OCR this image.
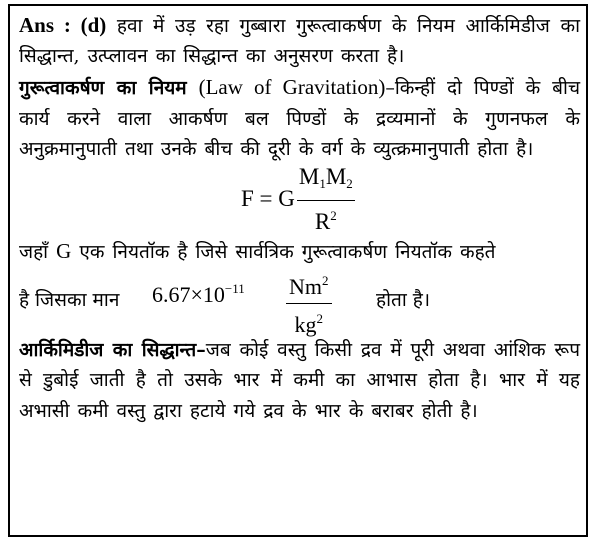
Ans : (d) हवा में उड़ रहा गुब्बारा गुरूत्वाकर्षण के नियम आर्किमिडीज का सिद्धान्त, उत्प्लावन का सिद्धान्त का अनुसरण करता है।

गुरूत्वाकर्षण का नियम (Law of Gravitation)–किन्हीं दो पिण्डों के बीच कार्य करने वाला आकर्षण बल पिण्डों के द्रव्यमानों के गुणनफल के अनुक्रमानुपाती तथा उनके बीच की दूरी के वर्ग के व्युत्क्रमानुपाती होता है।

F = G $\frac{M_1M_2}{R^2}$

जहाँ G एक नियतॉक है जिसे सार्वत्रिक गुरूत्वाकर्षण नियतॉक कहते

है जिसका मान $6.67\times 10^{-11} \frac{Nm^2}{kg^2}$ होता है।

आर्किमिडीज का सिद्धान्त–जब कोई वस्तु किसी द्रव में पूरी अथवा आंशिक रूप से डुबोई जाती है तो उसके भार में कमी का आभास होता है। भार में यह अभासी कमी वस्तु द्वारा हटाये गये द्रव के भार के बराबर होती है।
